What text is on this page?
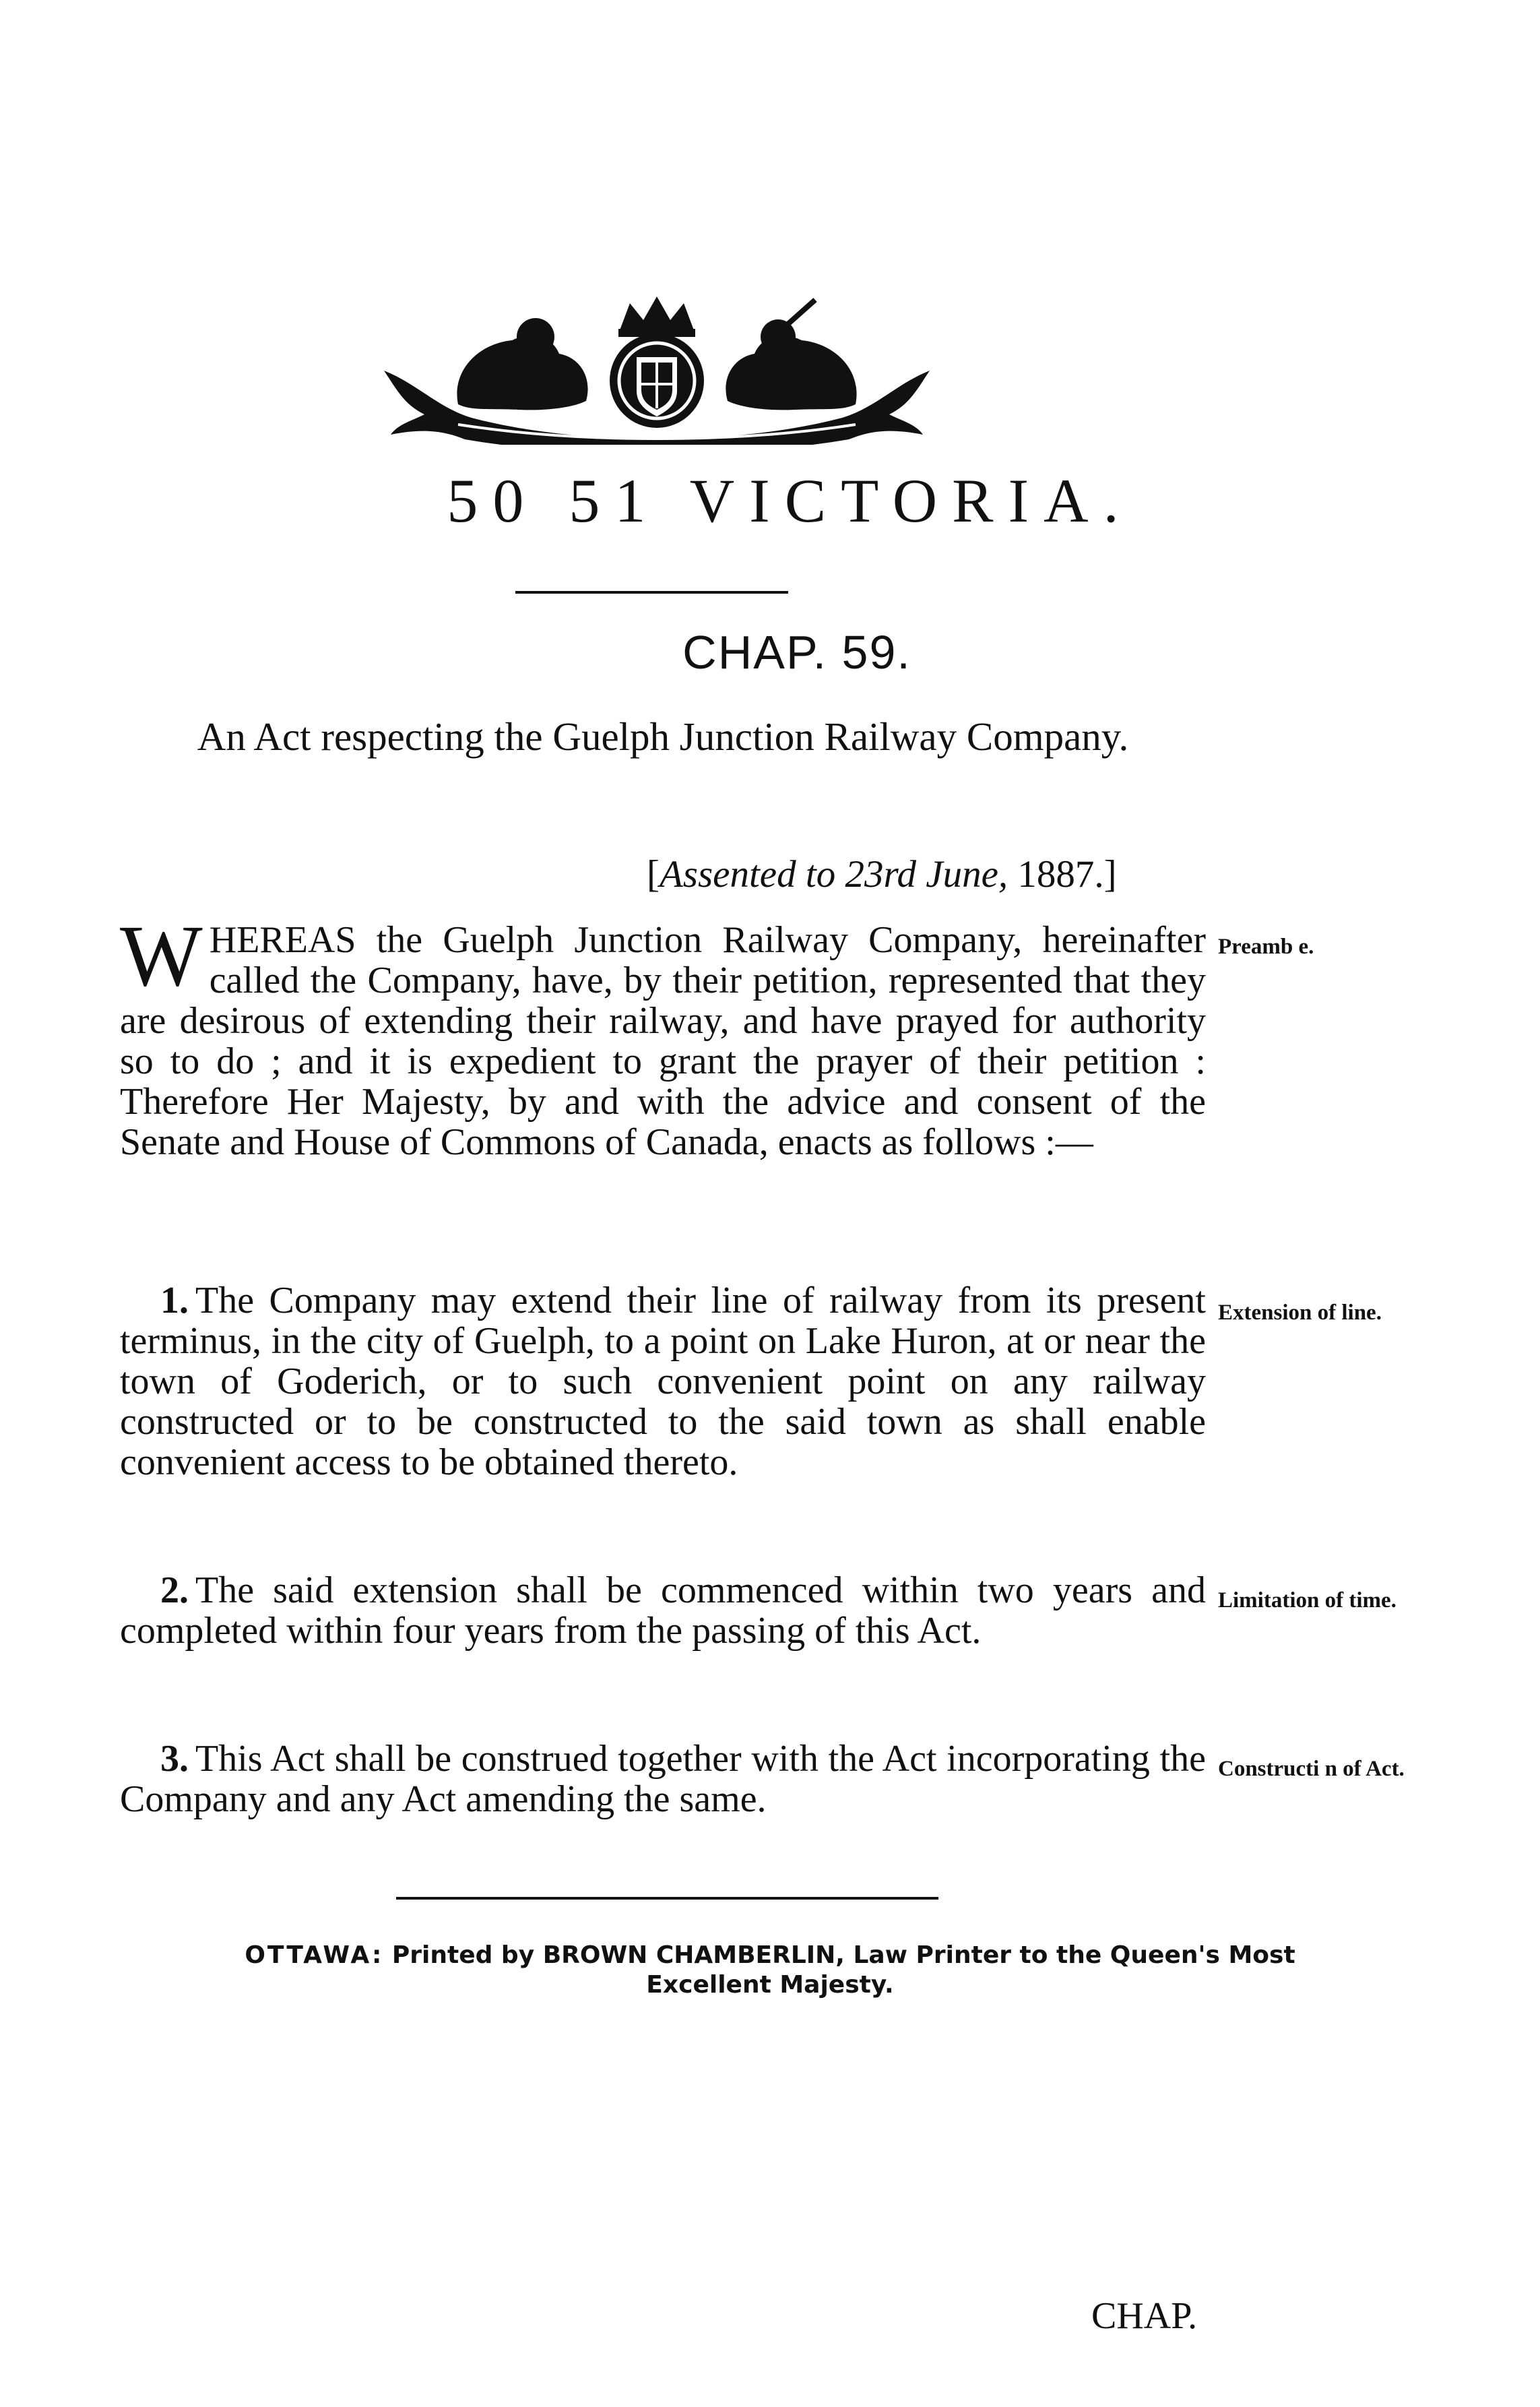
50 51 VICTORIA.
CHAP. 59.
An Act respecting the Guelph Junction Railway Company.
[Assented to 23rd June, 1887.]
WHEREAS the Guelph Junction Railway Company, hereinafter called the Company, have, by their petition, represented that they are desirous of extending their railway, and have prayed for authority so to do ; and it is expedient to grant the prayer of their petition : Therefore Her Majesty, by and with the advice and consent of the Senate and House of Commons of Canada, enacts as follows :—
Preamb e.
1. The Company may extend their line of railway from its present terminus, in the city of Guelph, to a point on Lake Huron, at or near the town of Goderich, or to such convenient point on any railway constructed or to be constructed to the said town as shall enable convenient access to be obtained thereto.
Extension of line.
2. The said extension shall be commenced within two years and completed within four years from the passing of this Act.
Limitation of time.
3. This Act shall be construed together with the Act incorporating the Company and any Act amending the same.
Constructi n of Act.
OTTAWA: Printed by BROWN CHAMBERLIN, Law Printer to the Queen's Most
Excellent Majesty.
CHAP.
